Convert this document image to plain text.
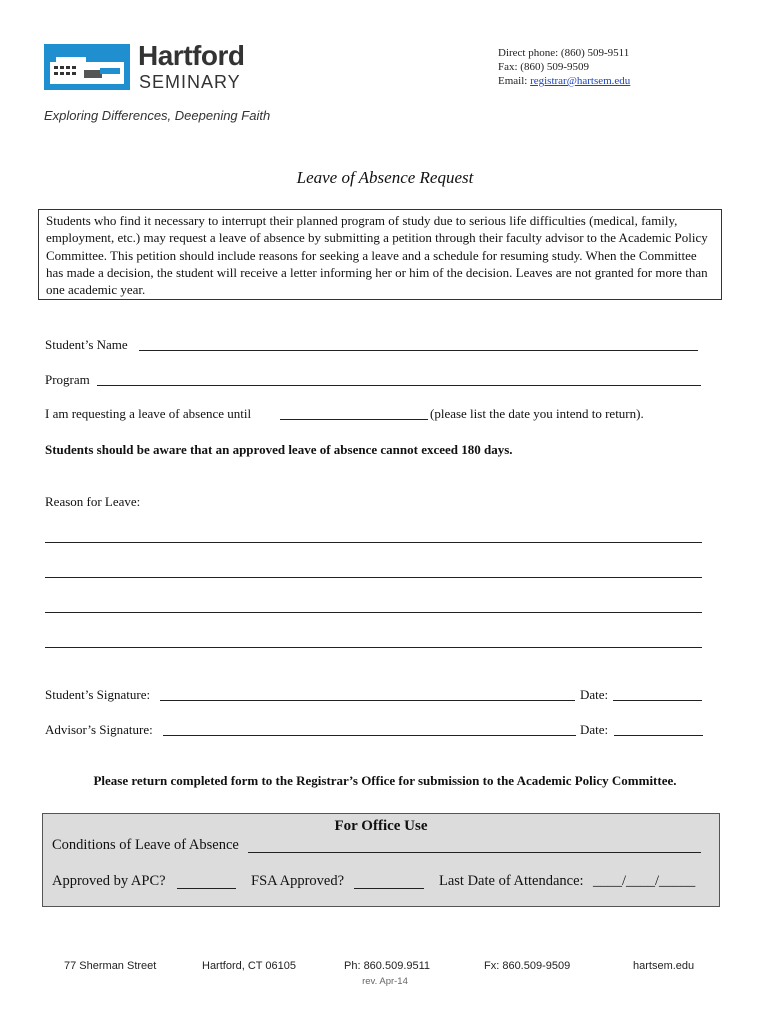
Hartford
SEMINARY
Exploring Differences, Deepening Faith
Direct phone: (860) 509-9511
Fax: (860) 509-9509
Email: registrar@hartsem.edu
Leave of Absence Request
Students who find it necessary to interrupt their planned program of study due to serious life difficulties (medical, family, employment, etc.) may request a leave of absence by submitting a petition through their faculty advisor to the Academic Policy Committee. This petition should include reasons for seeking a leave and a schedule for resuming study. When the Committee has made a decision, the student will receive a letter informing her or him of the decision. Leaves are not granted for more than one academic year.
Student’s Name
Program
I am requesting a leave of absence until	(please list the date you intend to return).
Students should be aware that an approved leave of absence cannot exceed 180 days.
Reason for Leave:
Student’s Signature:	Date:
Advisor’s Signature:	Date:
Please return completed form to the Registrar’s Office for submission to the Academic Policy Committee.
For Office Use
Conditions of Leave of Absence
Approved by APC?	FSA Approved?	Last Date of Attendance: ____/____/_____
77 Sherman Street	Hartford, CT 06105	Ph: 860.509.9511	Fx: 860.509-9509	hartsem.edu
rev. Apr-14
